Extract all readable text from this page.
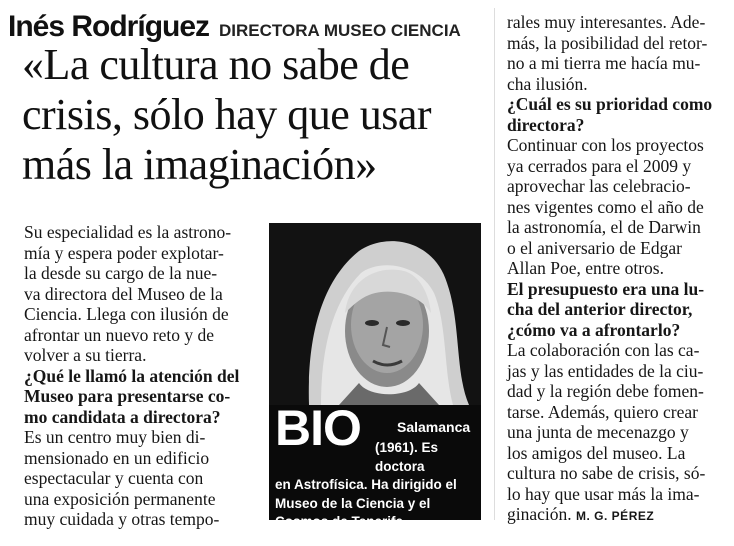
Inés Rodríguez DIRECTORA MUSEO CIENCIA
«La cultura no sabe de
crisis, sólo hay que usar
más la imaginación»

Su especialidad es la astrono-
mía y espera poder explotar-
la desde su cargo de la nue-
va directora del Museo de la
Ciencia. Llega con ilusión de
afrontar un nuevo reto y de
volver a su tierra.

¿Qué le llamó la atención del
Museo para presentarse co-
mo candidata a directora?

Es un centro muy bien di-
mensionado en un edificio
espectacular y cuenta con
una exposición permanente
muy cuidada y otras tempo-

BIO	Salamanca
(1961). Es doctora
en Astrofísica. Ha dirigido el
Museo de la Ciencia y el
Cosmos de Tenerife.

rales muy interesantes. Ade-
más, la posibilidad del retor-
no a mi tierra me hacía mu-
cha ilusión.

¿Cuál es su prioridad como
directora?

Continuar con los proyectos
ya cerrados para el 2009 y
aprovechar las celebracio-
nes vigentes como el año de
la astronomía, el de Darwin
o el aniversario de Edgar
Allan Poe, entre otros.

El presupuesto era una lu-
cha del anterior director,
¿cómo va a afrontarlo?

La colaboración con las ca-
jas y las entidades de la ciu-
dad y la región debe fomen-
tarse. Además, quiero crear
una junta de mecenazgo y
los amigos del museo. La
cultura no sabe de crisis, só-
lo hay que usar más la ima-
ginación. M. G. PÉREZ
